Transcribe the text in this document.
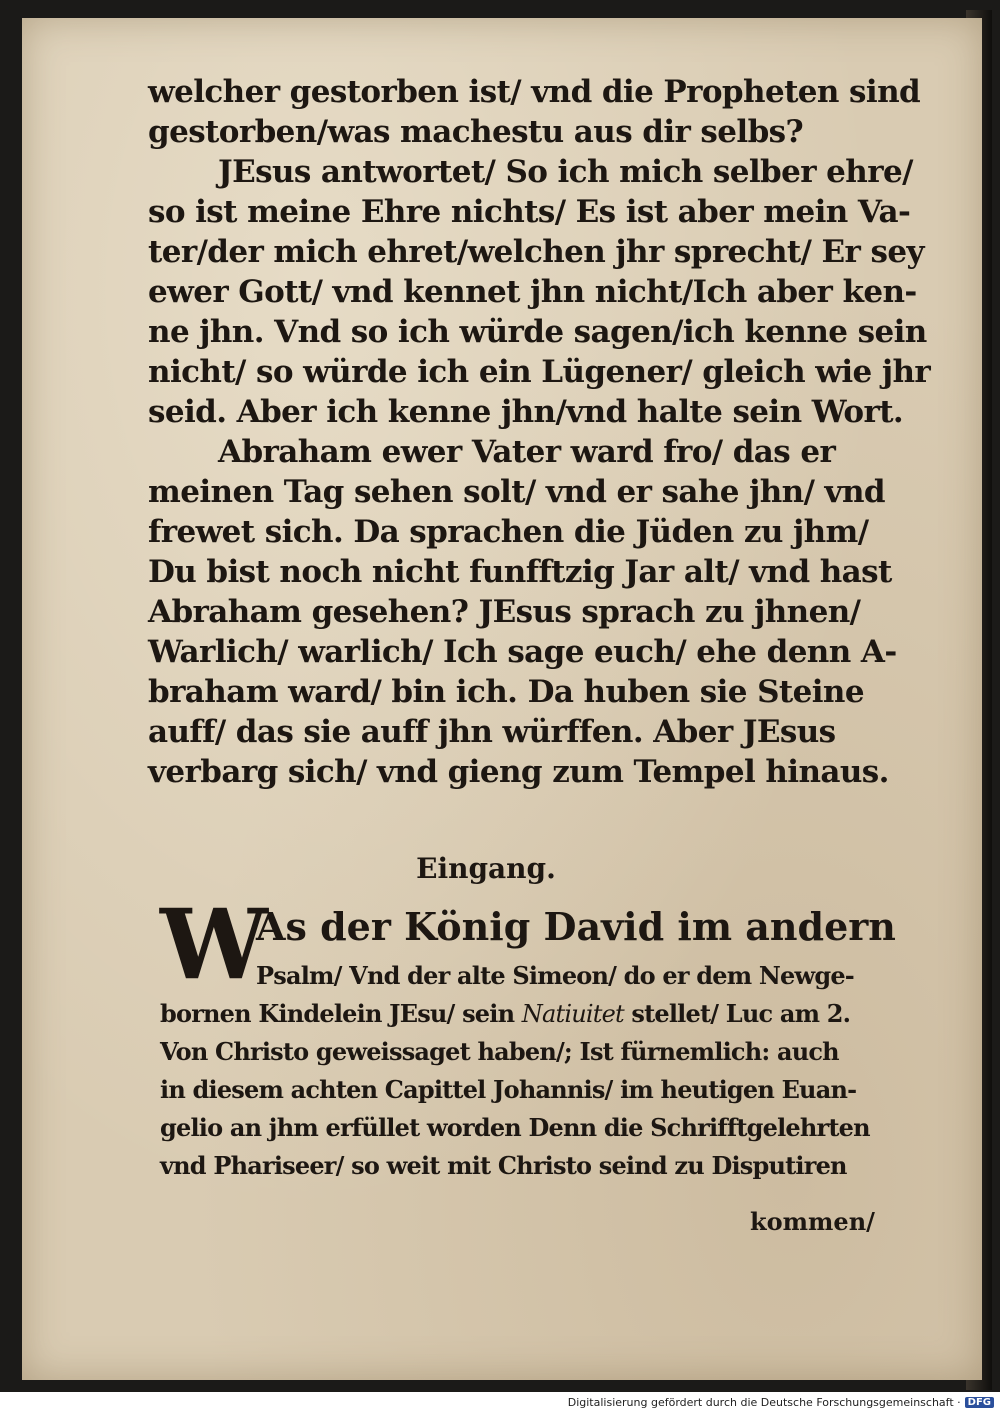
welcher gestorben ist/ vnd die Propheten sind
gestorben/was machestu aus dir selbs?
JEsus antwortet/ So ich mich selber ehre/
so ist meine Ehre nichts/ Es ist aber mein Va-
ter/der mich ehret/welchen jhr sprecht/ Er sey
ewer Gott/ vnd kennet jhn nicht/Ich aber ken-
ne jhn. Vnd so ich würde sagen/ich kenne sein
nicht/ so würde ich ein Lügener/ gleich wie jhr
seid. Aber ich kenne jhn/vnd halte sein Wort.
Abraham ewer Vater ward fro/ das er
meinen Tag sehen solt/ vnd er sahe jhn/ vnd
frewet sich. Da sprachen die Jüden zu jhm/
Du bist noch nicht funfftzig Jar alt/ vnd hast
Abraham gesehen? JEsus sprach zu jhnen/
Warlich/ warlich/ Ich sage euch/ ehe denn A-
braham ward/ bin ich. Da huben sie Steine
auff/ das sie auff jhn würffen. Aber JEsus
verbarg sich/ vnd gieng zum Tempel hinaus.
Eingang.
W
As der König David im andern
Psalm/ Vnd der alte Simeon/ do er dem Newge-
bornen Kindelein JEsu/ sein Natiuitet stellet/ Luc am 2.
Von Christo geweissaget haben/; Ist fürnemlich: auch
in diesem achten Capittel Johannis/ im heutigen Euan-
gelio an jhm erfüllet worden Denn die Schrifftgelehrten
vnd Phariseer/ so weit mit Christo seind zu Disputiren
kommen/
Digitalisierung gefördert durch die Deutsche Forschungsgemeinschaft · DFG
